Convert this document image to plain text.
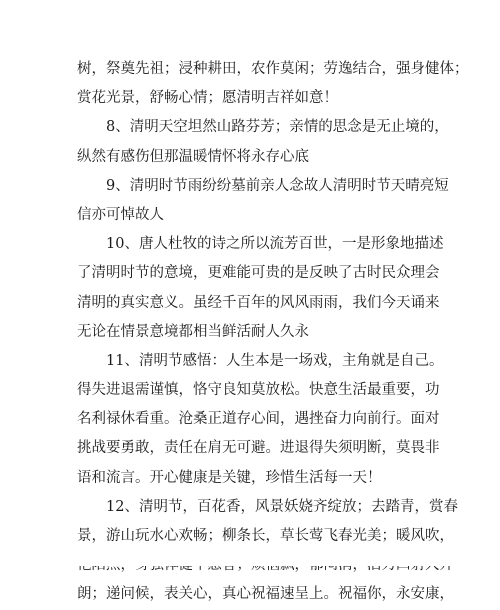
树，祭奠先祖；浸种耕田，农作莫闲；劳逸结合，强身健体；
赏花光景，舒畅心情；愿清明吉祥如意！
8、清明天空坦然山路芬芳；亲情的思念是无止境的，
纵然有感伤但那温暖情怀将永存心底
9、清明时节雨纷纷墓前亲人念故人清明时节天晴亮短
信亦可悼故人
10、唐人杜牧的诗之所以流芳百世，一是形象地描述
了清明时节的意境，更难能可贵的是反映了古时民众理会
清明的真实意义。虽经千百年的风风雨雨，我们今天诵来
无论在情景意境都相当鲜活耐人久永
11、清明节感悟：人生本是一场戏，主角就是自己。
得失进退需谨慎，恪守良知莫放松。快意生活最重要，功
名利禄休看重。沧桑正道存心间，遇挫奋力向前行。面对
挑战要勇敢，责任在肩无可避。进退得失须明断，莫畏非
语和流言。开心健康是关键，珍惜生活每一天！
12、清明节，百花香，风景妖娆齐绽放；去踏青，赏春
景，游山玩水心欢畅；柳条长，草长莺飞春光美；暖风吹，
朗；递问候，表关心，真心祝福速呈上。祝福你，永安康，
